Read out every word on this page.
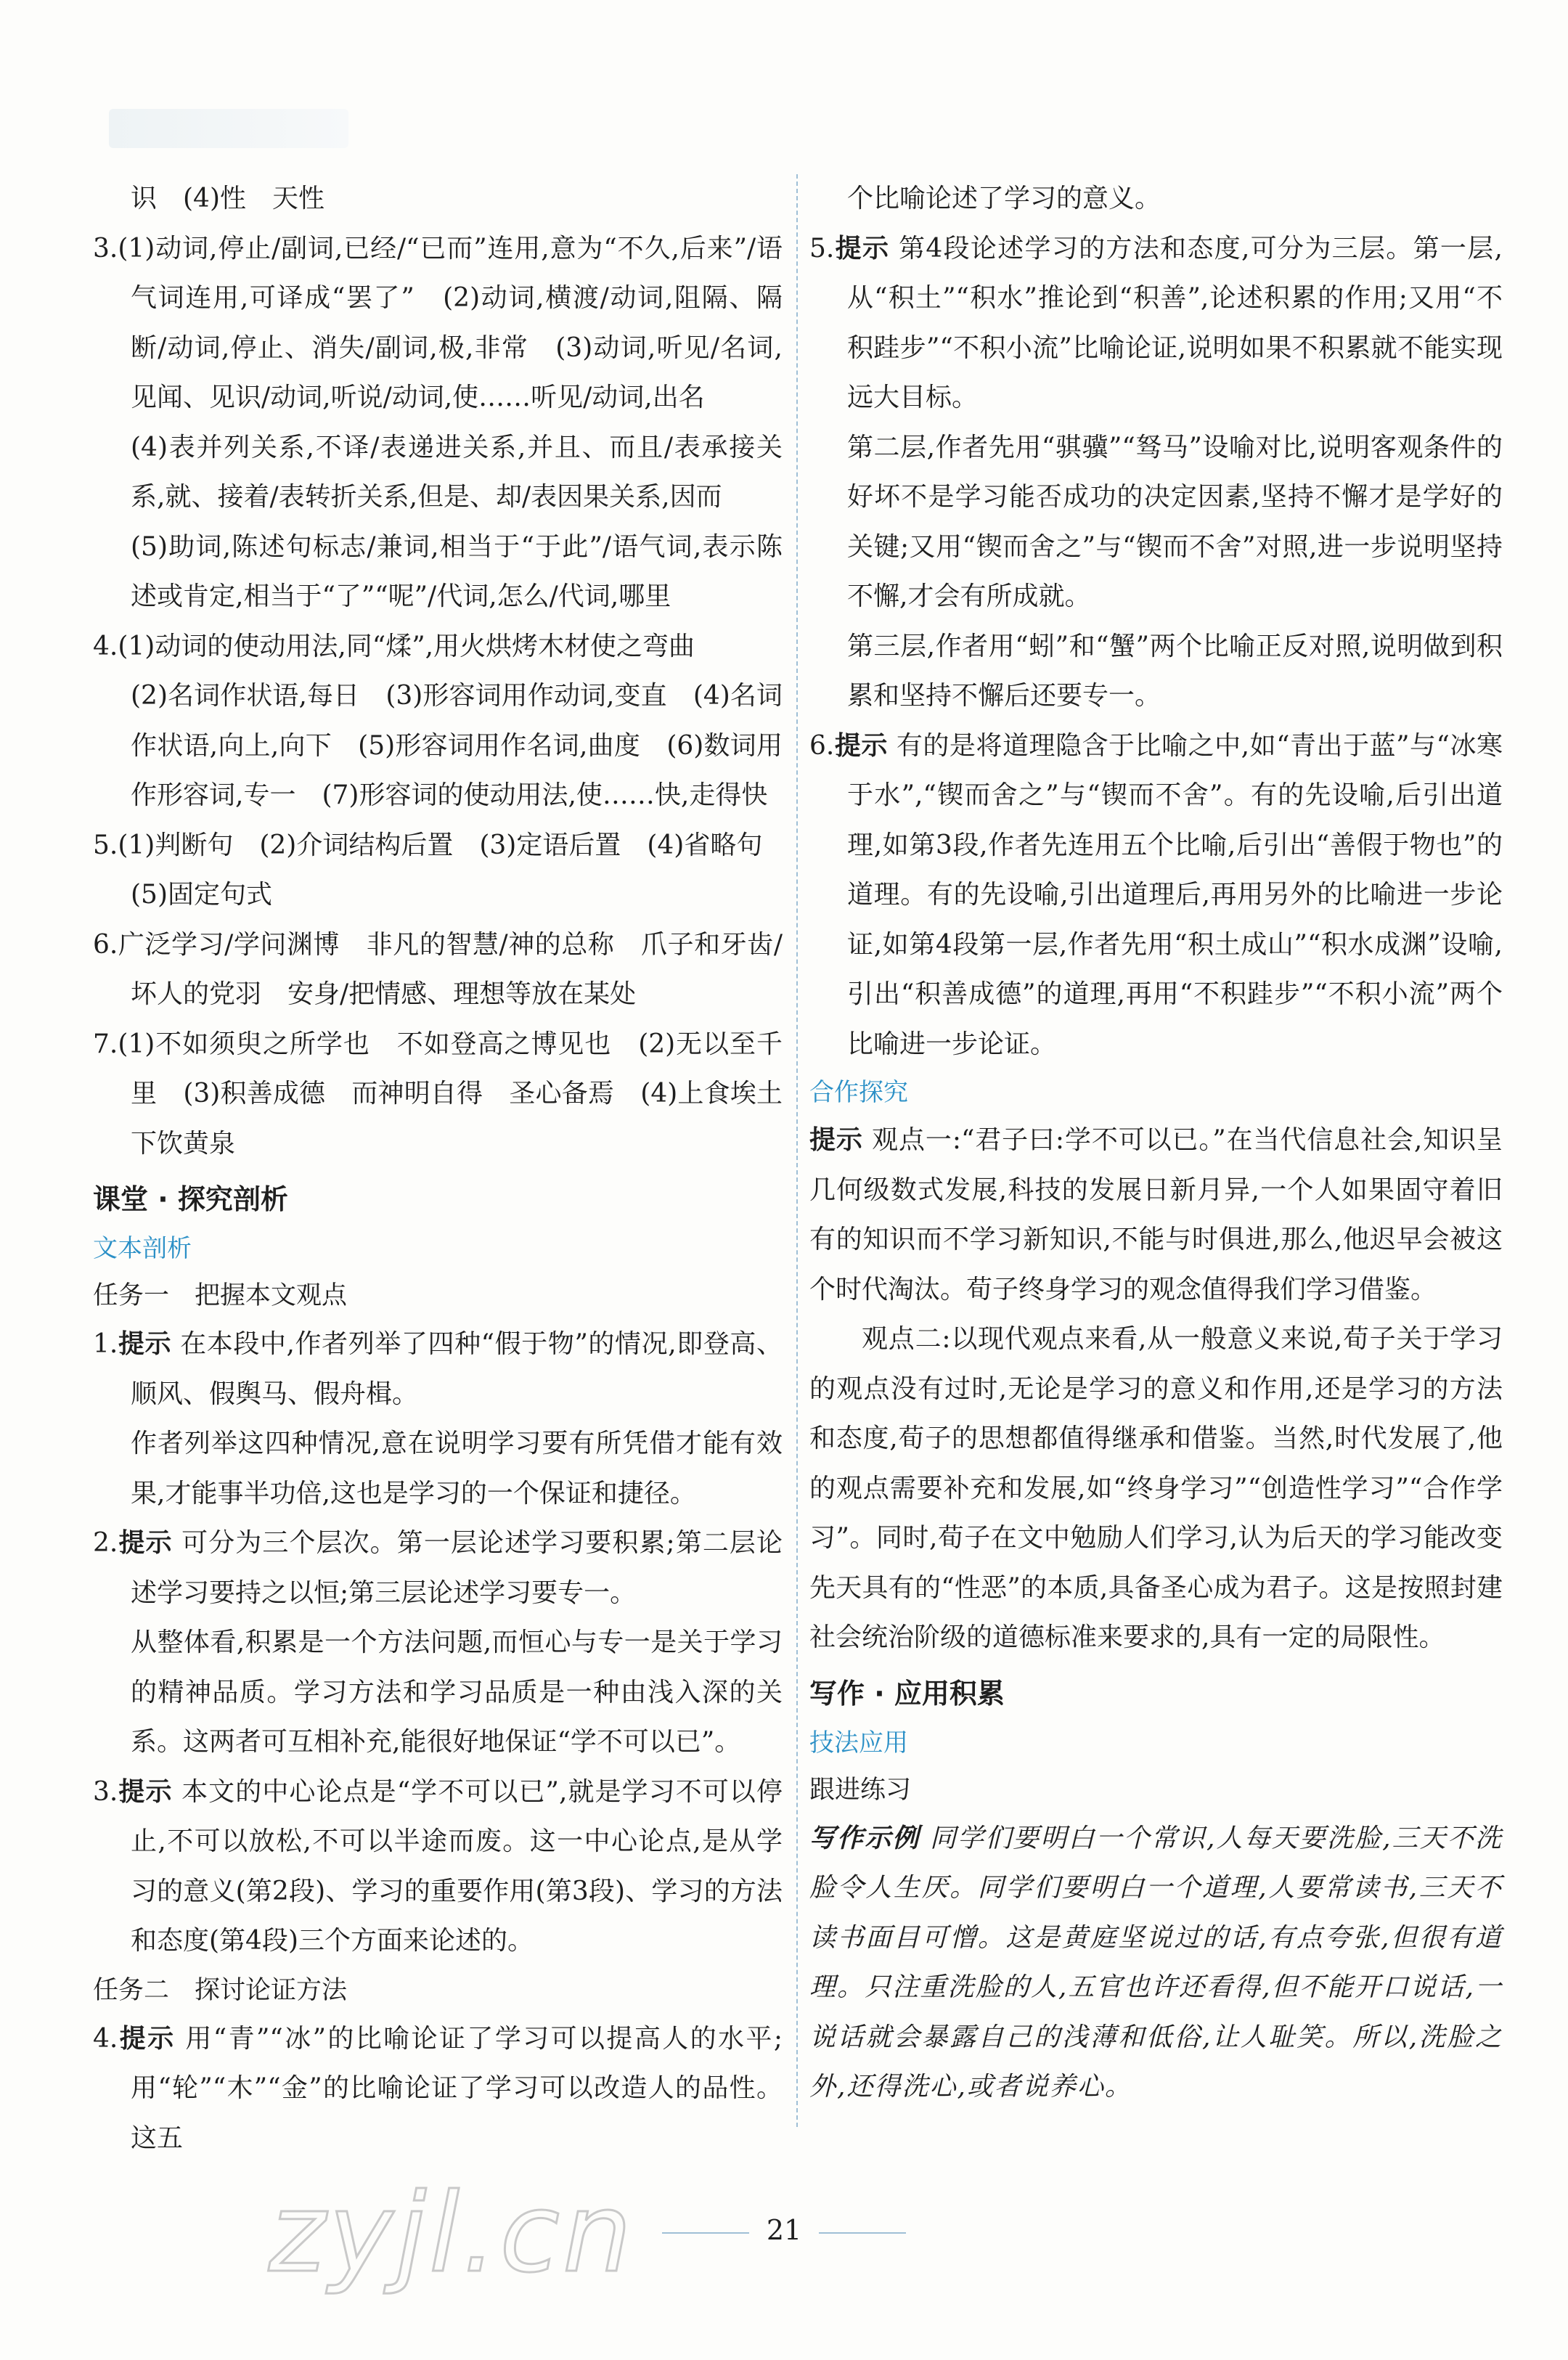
识　(4)性　天性
3.(1)动词,停止/副词,已经/“已而”连用,意为“不久,后来”/语气词连用,可译成“罢了”　(2)动词,横渡/动词,阻隔、隔断/动词,停止、消失/副词,极,非常　(3)动词,听见/名词,见闻、见识/动词,听说/动词,使……听见/动词,出名
(4)表并列关系,不译/表递进关系,并且、而且/表承接关系,就、接着/表转折关系,但是、却/表因果关系,因而
(5)助词,陈述句标志/兼词,相当于“于此”/语气词,表示陈述或肯定,相当于“了”“呢”/代词,怎么/代词,哪里
4.(1)动词的使动用法,同“煣”,用火烘烤木材使之弯曲
(2)名词作状语,每日　(3)形容词用作动词,变直　(4)名词作状语,向上,向下　(5)形容词用作名词,曲度　(6)数词用作形容词,专一　(7)形容词的使动用法,使……快,走得快
5.(1)判断句　(2)介词结构后置　(3)定语后置　(4)省略句
(5)固定句式
6.广泛学习/学问渊博　非凡的智慧/神的总称　爪子和牙齿/坏人的党羽　安身/把情感、理想等放在某处
7.(1)不如须臾之所学也　不如登高之博见也　(2)无以至千里　(3)积善成德　而神明自得　圣心备焉　(4)上食埃土　下饮黄泉
课堂 · 探究剖析
文本剖析
任务一　把握本文观点
1.提示 在本段中,作者列举了四种“假于物”的情况,即登高、顺风、假舆马、假舟楫。
作者列举这四种情况,意在说明学习要有所凭借才能有效果,才能事半功倍,这也是学习的一个保证和捷径。
2.提示 可分为三个层次。第一层论述学习要积累;第二层论述学习要持之以恒;第三层论述学习要专一。
从整体看,积累是一个方法问题,而恒心与专一是关于学习的精神品质。学习方法和学习品质是一种由浅入深的关系。这两者可互相补充,能很好地保证“学不可以已”。
3.提示 本文的中心论点是“学不可以已”,就是学习不可以停止,不可以放松,不可以半途而废。这一中心论点,是从学习的意义(第2段)、学习的重要作用(第3段)、学习的方法和态度(第4段)三个方面来论述的。
任务二　探讨论证方法
4.提示 用“青”“冰”的比喻论证了学习可以提高人的水平;用“轮”“木”“金”的比喻论证了学习可以改造人的品性。这五
个比喻论述了学习的意义。
5.提示 第4段论述学习的方法和态度,可分为三层。第一层,从“积土”“积水”推论到“积善”,论述积累的作用;又用“不积跬步”“不积小流”比喻论证,说明如果不积累就不能实现远大目标。
第二层,作者先用“骐骥”“驽马”设喻对比,说明客观条件的好坏不是学习能否成功的决定因素,坚持不懈才是学好的关键;又用“锲而舍之”与“锲而不舍”对照,进一步说明坚持不懈,才会有所成就。
第三层,作者用“蚓”和“蟹”两个比喻正反对照,说明做到积累和坚持不懈后还要专一。
6.提示 有的是将道理隐含于比喻之中,如“青出于蓝”与“冰寒于水”,“锲而舍之”与“锲而不舍”。有的先设喻,后引出道理,如第3段,作者先连用五个比喻,后引出“善假于物也”的道理。有的先设喻,引出道理后,再用另外的比喻进一步论证,如第4段第一层,作者先用“积土成山”“积水成渊”设喻,引出“积善成德”的道理,再用“不积跬步”“不积小流”两个比喻进一步论证。
合作探究
提示 观点一:“君子曰:学不可以已。”在当代信息社会,知识呈几何级数式发展,科技的发展日新月异,一个人如果固守着旧有的知识而不学习新知识,不能与时俱进,那么,他迟早会被这个时代淘汰。荀子终身学习的观念值得我们学习借鉴。
观点二:以现代观点来看,从一般意义来说,荀子关于学习的观点没有过时,无论是学习的意义和作用,还是学习的方法和态度,荀子的思想都值得继承和借鉴。当然,时代发展了,他的观点需要补充和发展,如“终身学习”“创造性学习”“合作学习”。同时,荀子在文中勉励人们学习,认为后天的学习能改变先天具有的“性恶”的本质,具备圣心成为君子。这是按照封建社会统治阶级的道德标准来要求的,具有一定的局限性。
写作 · 应用积累
技法应用
跟进练习
写作示例 同学们要明白一个常识,人每天要洗脸,三天不洗脸令人生厌。同学们要明白一个道理,人要常读书,三天不读书面目可憎。这是黄庭坚说过的话,有点夸张,但很有道理。只注重洗脸的人,五官也许还看得,但不能开口说话,一说话就会暴露自己的浅薄和低俗,让人耻笑。所以,洗脸之外,还得洗心,或者说养心。
zyjl.cn	21
